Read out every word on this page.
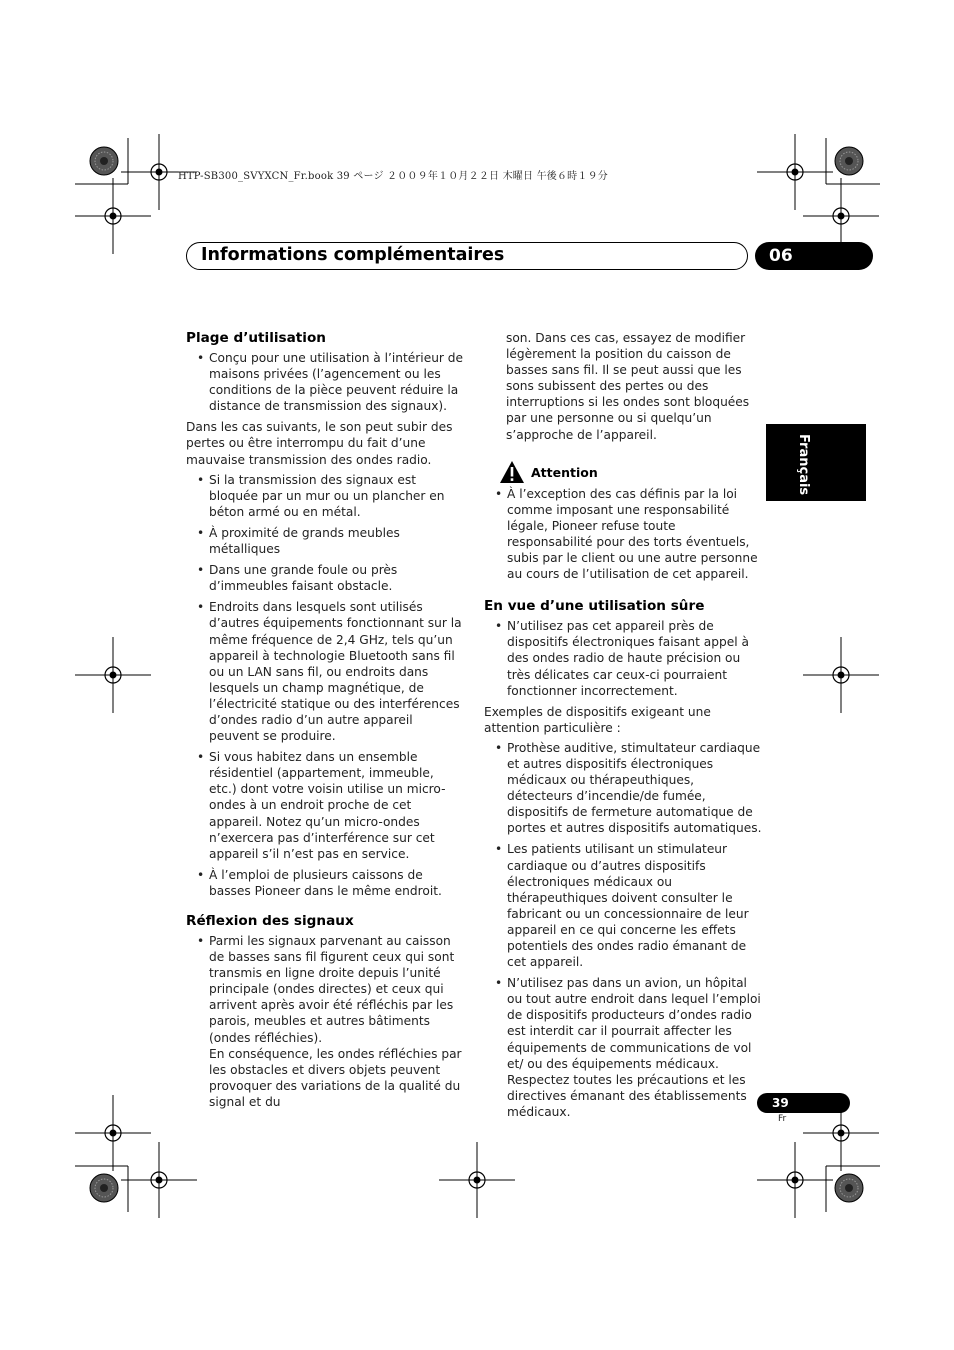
HTP-SB300_SVYXCN_Fr.book 39 ページ ２００９年１０月２２日 木曜日 午後６時１９分
Informations complémentaires	06
Français

Plage d’utilisation

• Conçu pour une utilisation à l’intérieur de maisons privées (l’agencement ou les conditions de la pièce peuvent réduire la distance de transmission des signaux).

Dans les cas suivants, le son peut subir des pertes ou être interrompu du fait d’une mauvaise transmission des ondes radio.

• Si la transmission des signaux est bloquée par un mur ou un plancher en béton armé ou en métal.

• À proximité de grands meubles métalliques

• Dans une grande foule ou près d’immeubles faisant obstacle.

• Endroits dans lesquels sont utilisés d’autres équipements fonctionnant sur la même fréquence de 2,4 GHz, tels qu’un appareil à technologie Bluetooth sans fil ou un LAN sans fil, ou endroits dans lesquels un champ magnétique, de l’électricité statique ou des interférences d’ondes radio d’un autre appareil peuvent se produire.

• Si vous habitez dans un ensemble résidentiel (appartement, immeuble, etc.) dont votre voisin utilise un micro-ondes à un endroit proche de cet appareil. Notez qu’un micro-ondes n’exercera pas d’interférence sur cet appareil s’il n’est pas en service.

• À l’emploi de plusieurs caissons de basses Pioneer dans le même endroit.

Réflexion des signaux

• Parmi les signaux parvenant au caisson de basses sans fil figurent ceux qui sont transmis en ligne droite depuis l’unité principale (ondes directes) et ceux qui arrivent après avoir été réfléchis par les parois, meubles et autres bâtiments (ondes réfléchies).

En conséquence, les ondes réfléchies par les obstacles et divers objets peuvent provoquer des variations de la qualité du signal et du

son. Dans ces cas, essayez de modifier légèrement la position du caisson de basses sans fil. Il se peut aussi que les sons subissent des pertes ou des interruptions si les ondes sont bloquées par une personne ou si quelqu’un s’approche de l’appareil.

Attention

• À l’exception des cas définis par la loi comme imposant une responsabilité légale, Pioneer refuse toute responsabilité pour des torts éventuels, subis par le client ou une autre personne au cours de l’utilisation de cet appareil.

En vue d’une utilisation sûre

• N’utilisez pas cet appareil près de dispositifs électroniques faisant appel à des ondes radio de haute précision ou très délicates car ceux-ci pourraient fonctionner incorrectement.

Exemples de dispositifs exigeant une attention particulière :

• Prothèse auditive, stimultateur cardiaque et autres dispositifs électroniques médicaux ou thérapeuthiques, détecteurs d’incendie/de fumée, dispositifs de fermeture automatique de portes et autres dispositifs automatiques.

• Les patients utilisant un stimulateur cardiaque ou d’autres dispositifs électroniques médicaux ou thérapeuthiques doivent consulter le fabricant ou un concessionnaire de leur appareil en ce qui concerne les effets potentiels des ondes radio émanant de cet appareil.

• N’utilisez pas dans un avion, un hôpital ou tout autre endroit dans lequel l’emploi de dispositifs producteurs d’ondes radio est interdit car il pourrait affecter les équipements de communications de vol et/ ou des équipements médicaux. Respectez toutes les précautions et les directives émanant des établissements médicaux.

39
Fr
